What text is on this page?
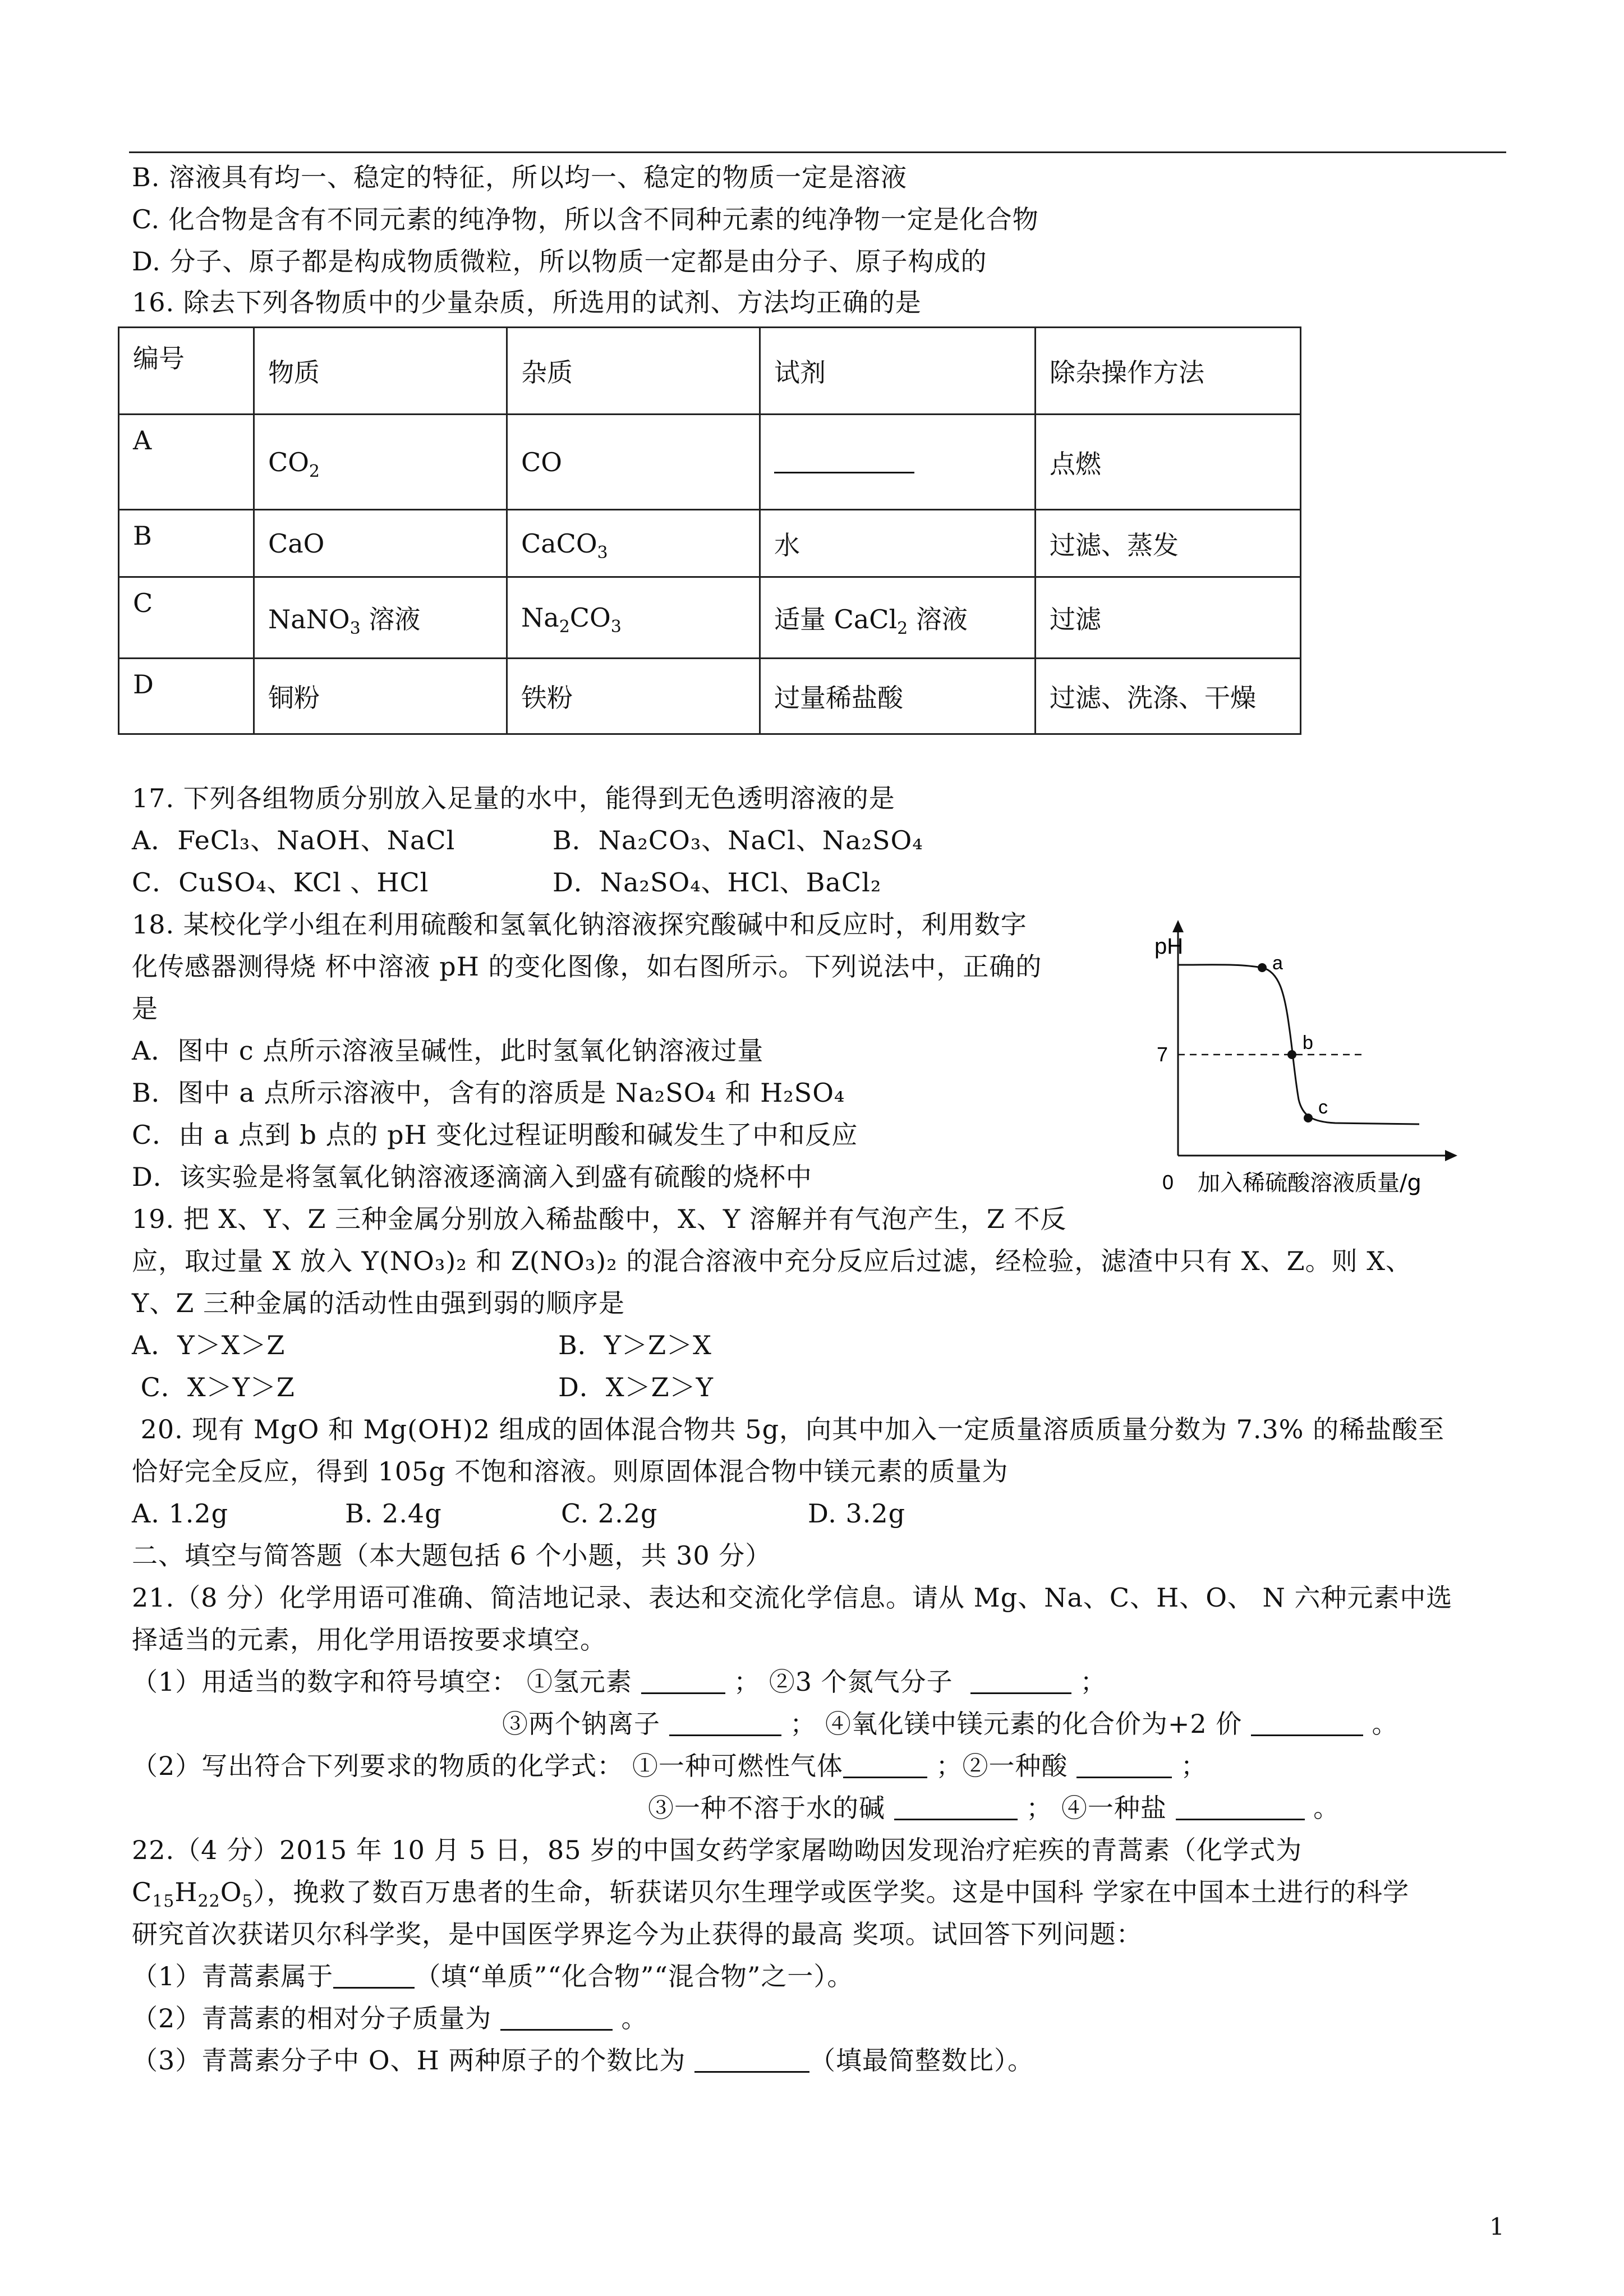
B. 溶液具有均一、稳定的特征，所以均一、稳定的物质一定是溶液
C. 化合物是含有不同元素的纯净物，所以含不同种元素的纯净物一定是化合物
D. 分子、原子都是构成物质微粒，所以物质一定都是由分子、原子构成的
16. 除去下列各物质中的少量杂质，所选用的试剂、方法均正确的是
编号	物质	杂质	试剂	除杂操作方法
A	$CO_2$	CO		点燃
B	CaO	CaCO$_3$	水	过滤、蒸发
C	NaNO$_3$ 溶液	$Na_2CO_3$	适量 CaCl$_2$ 溶液	过滤
D	铜粉	铁粉	过量稀盐酸	过滤、洗涤、干燥
17. 下列各组物质分别放入足量的水中，能得到无色透明溶液的是
A．FeCl₃、NaOH、NaCl	B．Na₂CO₃、NaCl、Na₂SO₄
C．CuSO₄、KCl 、HCl	D．Na₂SO₄、HCl、BaCl₂
18. 某校化学小组在利用硫酸和氢氧化钠溶液探究酸碱中和反应时，利用数字
化传感器测得烧 杯中溶液 pH 的变化图像，如右图所示。下列说法中，正确的
是
A．图中 c 点所示溶液呈碱性，此时氢氧化钠溶液过量
B．图中 a 点所示溶液中，含有的溶质是 Na₂SO₄ 和 H₂SO₄
C．由 a 点到 b 点的 pH 变化过程证明酸和碱发生了中和反应
D．该实验是将氢氧化钠溶液逐滴滴入到盛有硫酸的烧杯中
pH
7
a
b
c
0 加入稀硫酸溶液质量/g
19. 把 X、Y、Z 三种金属分别放入稀盐酸中，X、Y 溶解并有气泡产生，Z 不反
应，取过量 X 放入 Y(NO₃)₂ 和 Z(NO₃)₂ 的混合溶液中充分反应后过滤，经检验，滤渣中只有 X、Z。则 X、
Y、Z 三种金属的活动性由强到弱的顺序是
A．Y＞X＞Z	B．Y＞Z＞X
C．X＞Y＞Z	D．X＞Z＞Y
20. 现有 MgO 和 Mg(OH)2 组成的固体混合物共 5g，向其中加入一定质量溶质质量分数为 7.3% 的稀盐酸至
恰好完全反应，得到 105g 不饱和溶液。则原固体混合物中镁元素的质量为
A. 1.2g	B. 2.4g	C. 2.2g	D. 3.2g
二、填空与简答题（本大题包括 6 个小题，共 30 分）
21.（8 分）化学用语可准确、简洁地记录、表达和交流化学信息。请从 Mg、Na、C、H、O、 N 六种元素中选
择适当的元素，用化学用语按要求填空。
（1）用适当的数字和符号填空： ①氢元素	； ②3 个氮气分子	；
③两个钠离子	； ④氧化镁中镁元素的化合价为+2 价	。
（2）写出符合下列要求的物质的化学式： ①一种可燃性气体	；②一种酸	；
③一种不溶于水的碱	； ④一种盐	。
22.（4 分）2015 年 10 月 5 日，85 岁的中国女药学家屠呦呦因发现治疗疟疾的青蒿素（化学式为
$C_{15}H_{22}O_5$），挽救了数百万患者的生命，斩获诺贝尔生理学或医学奖。这是中国科 学家在中国本土进行的科学
研究首次获诺贝尔科学奖，是中国医学界迄今为止获得的最高 奖项。试回答下列问题：
（1）青蒿素属于	（填“单质”“化合物”“混合物”之一）。
（2）青蒿素的相对分子质量为	。
（3）青蒿素分子中 O、H 两种原子的个数比为	（填最简整数比）。
1
